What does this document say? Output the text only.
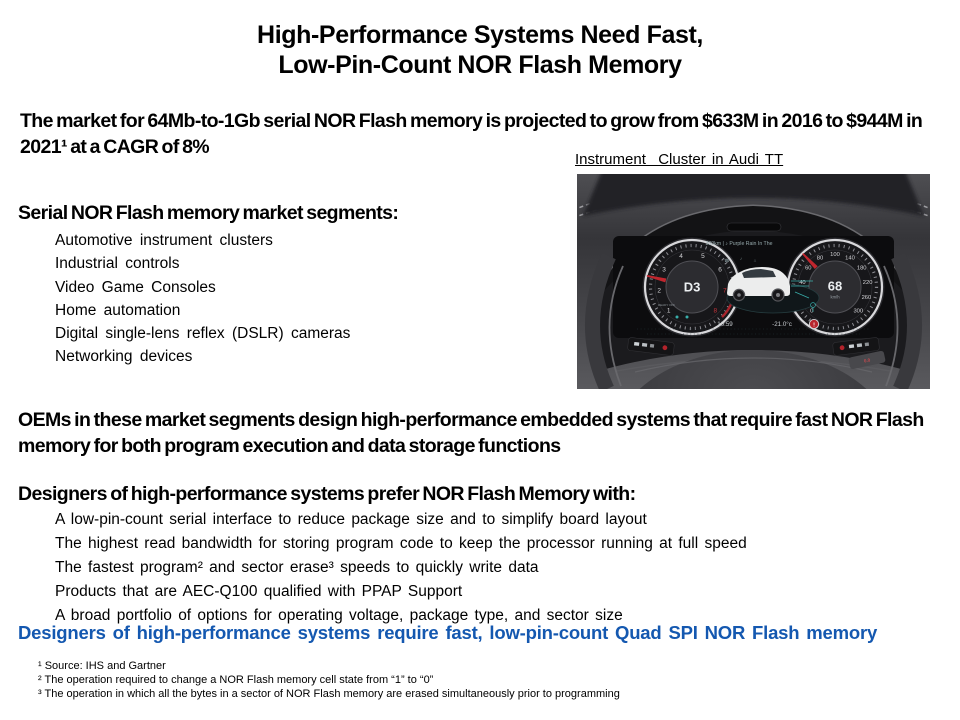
High-Performance Systems Need Fast,
Low-Pin-Count NOR Flash Memory
The market for 64Mb-to-1Gb serial NOR Flash memory is projected to grow from $633M in 2016 to $944M in 2021¹ at a CAGR of 8%
Instrument  Cluster in Audi TT
0.0
1
2
3
4	5
6
7
8
D3
READY OFF
0
40
60
80
100
140
180
220
260
300
68
km/h
300km | ♪ Purple Rain In The
☎ ♪ ⌂
10:59	-21.0°c	!
Serial NOR Flash memory market segments:
Automotive instrument clusters
Industrial controls
Video Game Consoles
Home automation
Digital single-lens reflex (DSLR) cameras
Networking devices
OEMs in these market segments design high-performance embedded systems that require fast NOR Flash memory for both program execution and data storage functions
Designers of high-performance systems prefer NOR Flash Memory with:
A low-pin-count serial interface to reduce package size and to simplify board layout
The highest read bandwidth for storing program code to keep the processor running at full speed
The fastest program² and sector erase³ speeds to quickly write data
Products that are AEC-Q100 qualified with PPAP Support
A broad portfolio of options for operating voltage, package type, and sector size
Designers of high-performance systems require fast, low-pin-count Quad SPI NOR Flash memory
¹ Source: IHS and Gartner
² The operation required to change a NOR Flash memory cell state from “1” to “0”
³ The operation in which all the bytes in a sector of NOR Flash memory are erased simultaneously prior to programming
